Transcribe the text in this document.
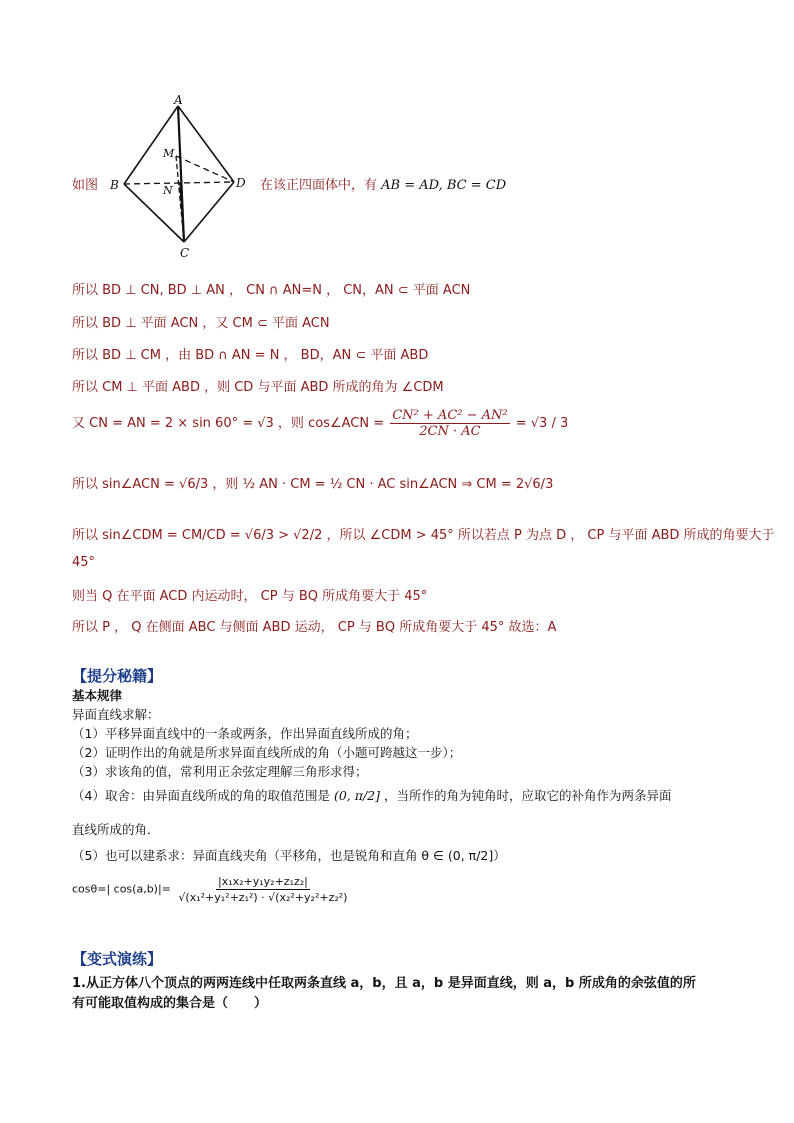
如图
A
B
C
D
M
N	在该正四面体中，有 AB = AD, BC = CD
所以 BD ⊥ CN, BD ⊥ AN ， CN ∩ AN=N ， CN，AN ⊂ 平面 ACN
所以 BD ⊥ 平面 ACN ，又 CM ⊂ 平面 ACN
所以 BD ⊥ CM ，由 BD ∩ AN = N ， BD，AN ⊂ 平面 ABD
所以 CM ⊥ 平面 ABD ，则 CD 与平面 ABD 所成的角为 ∠CDM
又 CN = AN = 2 × sin 60° = √3 ，则 cos∠ACN = $\frac{\text{CN² + AC² − AN²}}{2CN \cdot AC} = √3 / 3$
所以 sin∠ACN = √6/3 ，则 ½ AN · CM = ½ CN · AC sin∠ACN ⇒ CM = 2√6/3
所以 sin∠CDM = CM/CD = √6/3 > √2/2 ，所以 ∠CDM > 45° 所以若点 P 为点 D ， CP 与平面 ABD 所成的角要大于
45°
则当 Q 在平面 ACD 内运动时， CP 与 BQ 所成角要大于 45°
所以 P ， Q 在侧面 ABC 与侧面 ABD 运动， CP 与 BQ 所成角要大于 45° 故选：A
【提分秘籍】
基本规律
异面直线求解：
（1）平移异面直线中的一条或两条，作出异面直线所成的角；
（2）证明作出的角就是所求异面直线所成的角（小题可跨越这一步）；
（3）求该角的值，常利用正余弦定理解三角形求得；
（4）取舍：由异面直线所成的角的取值范围是 (0, π/2] ，当所作的角为钝角时，应取它的补角作为两条异面
直线所成的角．
（5）也可以建系求：异面直线夹角（平移角，也是锐角和直角 θ ∈ (0, π/2]）
cosθ=| $\cos(a,b)|= \frac{\text{|x₁x₂+y₁y₂+z₁z₂|}}{\text{√(x₁²+y₁²+z₁²) · √(x₂²+y₂²+z₂²)}}$
【变式演练】
1.从正方体八个顶点的两两连线中任取两条直线 a，b，且 a，b 是异面直线，则 a，b 所成角的余弦值的所
有可能取值构成的集合是（　　）
